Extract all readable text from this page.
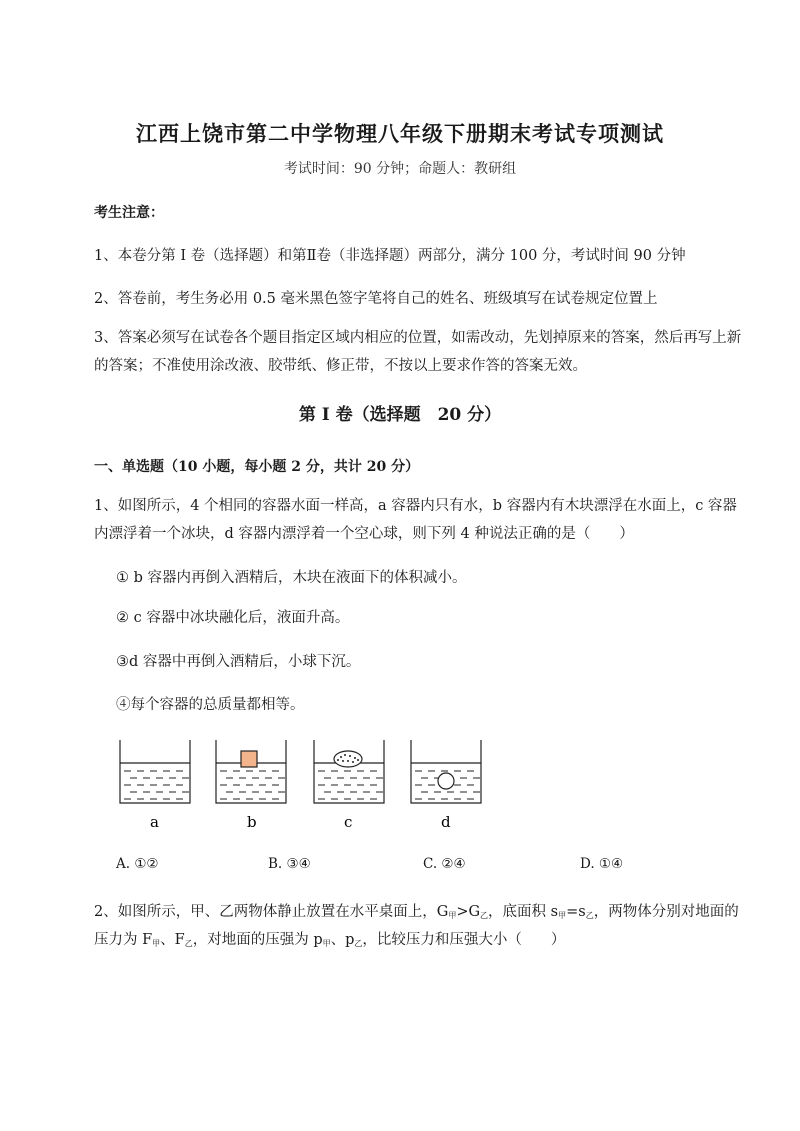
江西上饶市第二中学物理八年级下册期末考试专项测试
考试时间：90 分钟；命题人：教研组
考生注意：
1、本卷分第 I 卷（选择题）和第Ⅱ卷（非选择题）两部分，满分 100 分，考试时间 90 分钟
2、答卷前，考生务必用 0.5 毫米黑色签字笔将自己的姓名、班级填写在试卷规定位置上
3、答案必须写在试卷各个题目指定区域内相应的位置，如需改动，先划掉原来的答案，然后再写上新的答案；不准使用涂改液、胶带纸、修正带，不按以上要求作答的答案无效。
第 I 卷（选择题　20 分）
一、单选题（10 小题，每小题 2 分，共计 20 分）
1、如图所示，4 个相同的容器水面一样高，a 容器内只有水，b 容器内有木块漂浮在水面上，c 容器内漂浮着一个冰块，d 容器内漂浮着一个空心球，则下列 4 种说法正确的是（　　）
① b 容器内再倒入酒精后，木块在液面下的体积减小。
② c 容器中冰块融化后，液面升高。
③d 容器中再倒入酒精后，小球下沉。
④每个容器的总质量都相等。
a	b	c	d
A. ①②	B. ③④	C. ②④	D. ①④
2、如图所示，甲、乙两物体静止放置在水平桌面上，$G_甲>G_乙$，底面积 $s_甲=s_乙$，两物体分别对地面的
压力为 $F_甲$、$F_乙$，对地面的压强为 $p_甲$、$p_乙$，比较压力和压强大小（　　）
